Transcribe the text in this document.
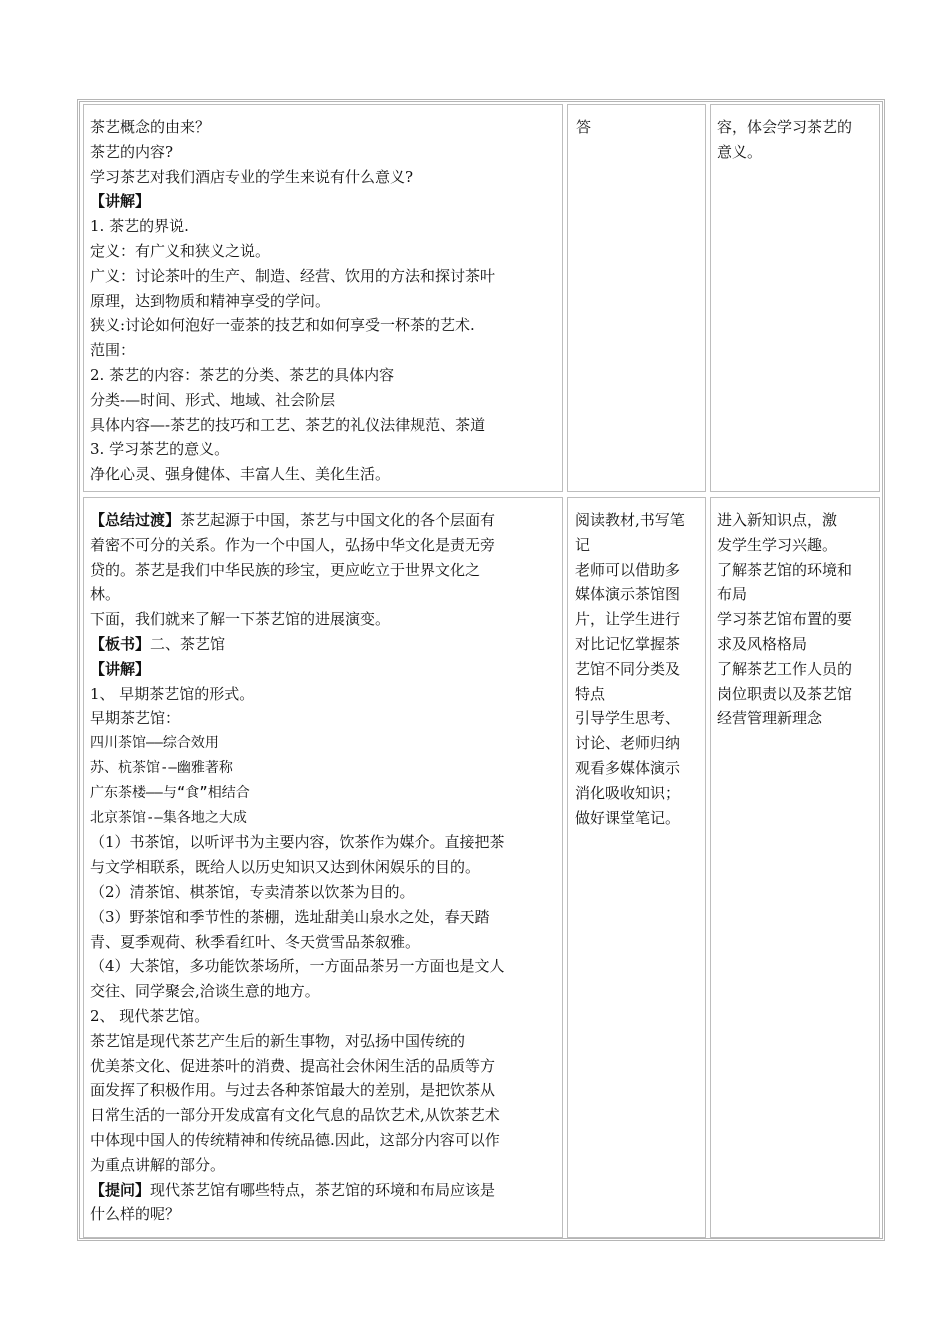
茶艺概念的由来？
茶艺的内容?
学习茶艺对我们酒店专业的学生来说有什么意义?
【讲解】
1. 茶艺的界说.
定义：有广义和狭义之说。
广义：讨论茶叶的生产、制造、经营、饮用的方法和探讨茶叶
原理，达到物质和精神享受的学问。
狭义:讨论如何泡好一壶茶的技艺和如何享受一杯茶的艺术.
范围：
2. 茶艺的内容：茶艺的分类、茶艺的具体内容
分类-—时间、形式、地域、社会阶层
具体内容—-茶艺的技巧和工艺、茶艺的礼仪法律规范、茶道
3. 学习茶艺的意义。
净化心灵、强身健体、丰富人生、美化生活。
答	容，体会学习茶艺的
意义。
【总结过渡】茶艺起源于中国，茶艺与中国文化的各个层面有
着密不可分的关系。作为一个中国人，弘扬中华文化是责无旁
贷的。茶艺是我们中华民族的珍宝，更应屹立于世界文化之
林。
下面，我们就来了解一下茶艺馆的进展演变。
【板书】二、茶艺馆
【讲解】
1、 早期茶艺馆的形式。
早期茶艺馆：
四川茶馆——综合效用
苏、杭茶馆-—幽雅著称
广东茶楼——与“食”相结合
北京茶馆-—集各地之大成
（1）书茶馆，以听评书为主要内容，饮茶作为媒介。直接把茶
与文学相联系，既给人以历史知识又达到休闲娱乐的目的。
（2）清茶馆、棋茶馆，专卖清茶以饮茶为目的。
（3）野茶馆和季节性的茶棚，选址甜美山泉水之处，春天踏
青、夏季观荷、秋季看红叶、冬天赏雪品茶叙雅。
（4）大茶馆，多功能饮茶场所，一方面品茶另一方面也是文人
交往、同学聚会,洽谈生意的地方。
2、 现代茶艺馆。
茶艺馆是现代茶艺产生后的新生事物，对弘扬中国传统的
优美茶文化、促进茶叶的消费、提高社会休闲生活的品质等方
面发挥了积极作用。与过去各种茶馆最大的差别，是把饮茶从
日常生活的一部分开发成富有文化气息的品饮艺术,从饮茶艺术
中体现中国人的传统精神和传统品德.因此，这部分内容可以作
为重点讲解的部分。
【提问】现代茶艺馆有哪些特点，茶艺馆的环境和布局应该是
什么样的呢？
阅读教材,书写笔
记
老师可以借助多
媒体演示茶馆图
片，让学生进行
对比记忆掌握茶
艺馆不同分类及
特点
引导学生思考、
讨论、老师归纳
观看多媒体演示
消化吸收知识；
做好课堂笔记。
进入新知识点，激
发学生学习兴趣。
了解茶艺馆的环境和
布局
学习茶艺馆布置的要
求及风格格局
了解茶艺工作人员的
岗位职责以及茶艺馆
经营管理新理念
